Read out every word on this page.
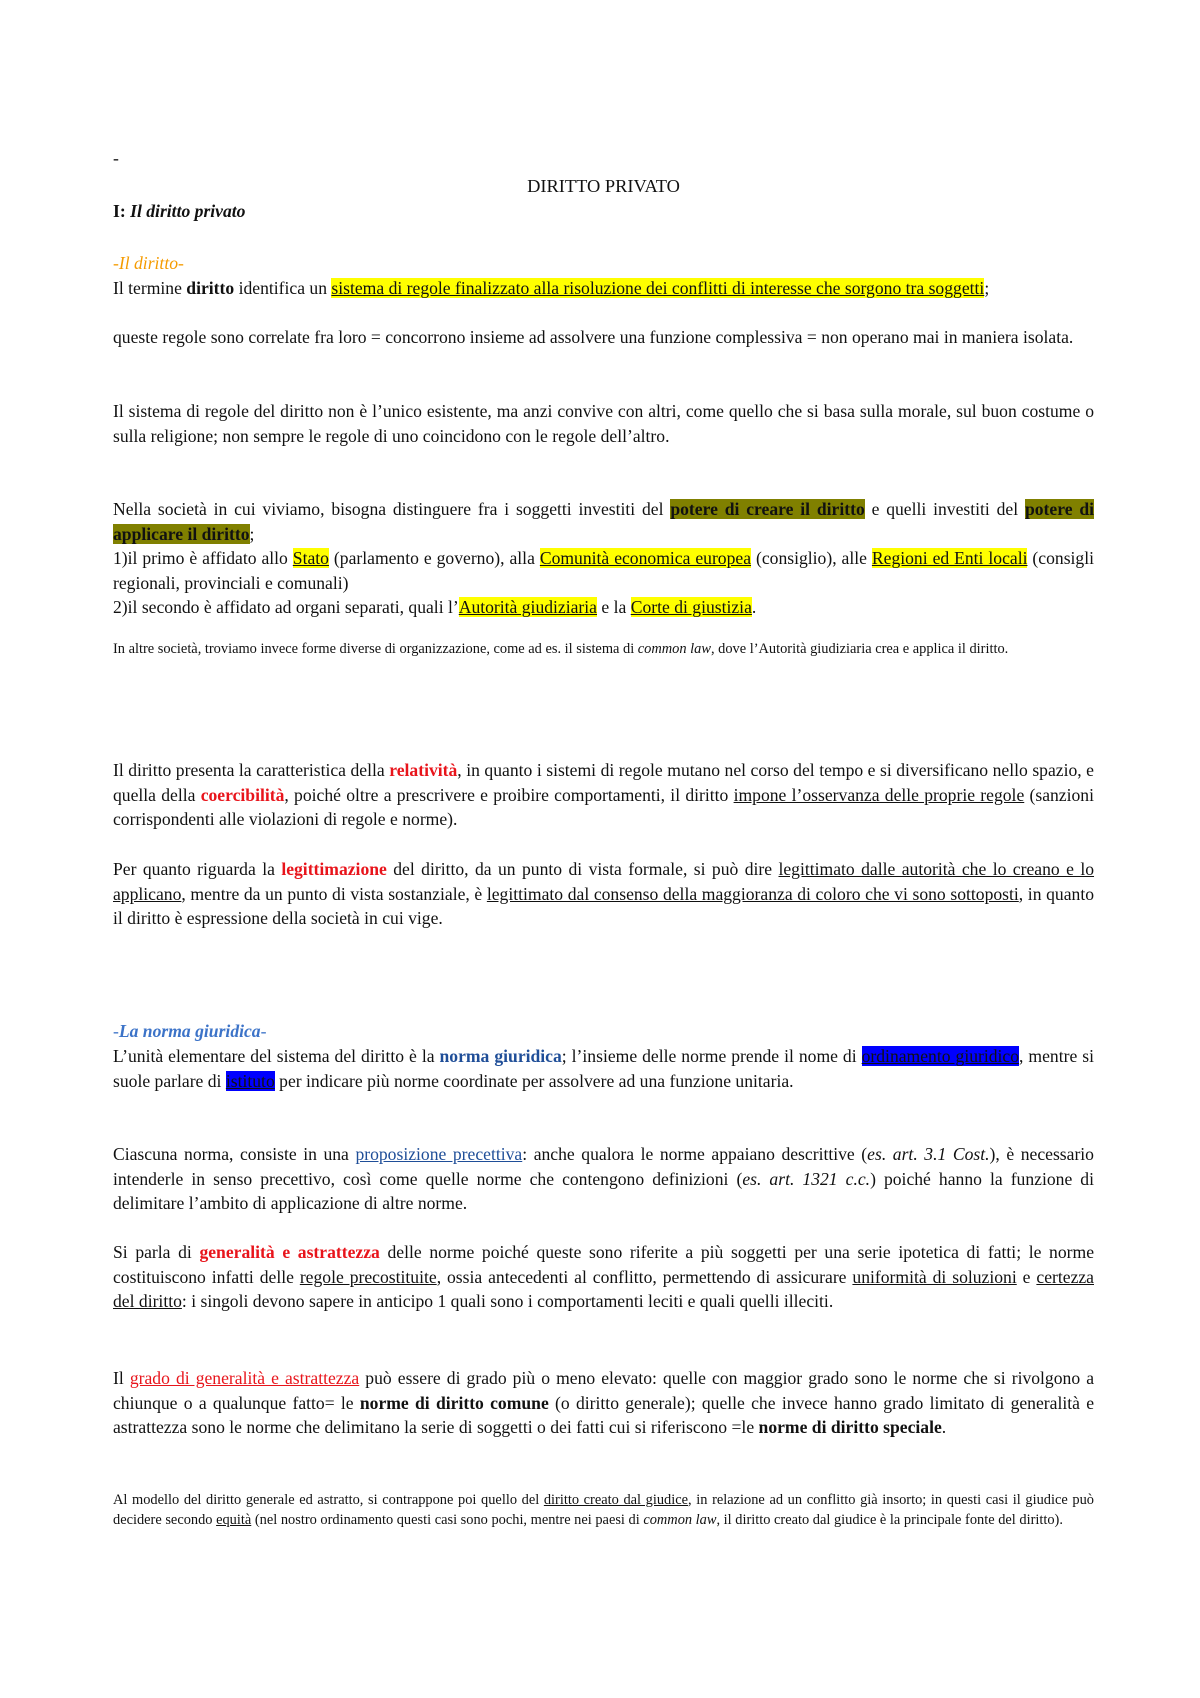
-
DIRITTO PRIVATO
I: Il diritto privato
-Il diritto-
Il termine diritto identifica un sistema di regole finalizzato alla risoluzione dei conflitti di interesse che sorgono tra soggetti;
queste regole sono correlate fra loro = concorrono insieme ad assolvere una funzione complessiva = non operano mai in maniera isolata.
Il sistema di regole del diritto non è l’unico esistente, ma anzi convive con altri, come quello che si basa sulla morale, sul buon costume o sulla religione; non sempre le regole di uno coincidono con le regole dell’altro.
Nella società in cui viviamo, bisogna distinguere fra i soggetti investiti del potere di creare il diritto e quelli investiti del potere di applicare il diritto;
1)il primo è affidato allo Stato (parlamento e governo), alla Comunità economica europea (consiglio), alle Regioni ed Enti locali (consigli regionali, provinciali e comunali)
2)il secondo è affidato ad organi separati, quali l’Autorità giudiziaria e la Corte di giustizia.
In altre società, troviamo invece forme diverse di organizzazione, come ad es. il sistema di common law, dove l’Autorità giudiziaria crea e applica il diritto.
Il diritto presenta la caratteristica della relatività, in quanto i sistemi di regole mutano nel corso del tempo e si diversificano nello spazio, e quella della coercibilità, poiché oltre a prescrivere e proibire comportamenti, il diritto impone l’osservanza delle proprie regole (sanzioni corrispondenti alle violazioni di regole e norme).
Per quanto riguarda la legittimazione del diritto, da un punto di vista formale, si può dire legittimato dalle autorità che lo creano e lo applicano, mentre da un punto di vista sostanziale, è legittimato dal consenso della maggioranza di coloro che vi sono sottoposti, in quanto il diritto è espressione della società in cui vige.
-La norma giuridica-
L’unità elementare del sistema del diritto è la norma giuridica; l’insieme delle norme prende il nome di ordinamento giuridico, mentre si suole parlare di istituto per indicare più norme coordinate per assolvere ad una funzione unitaria.
Ciascuna norma, consiste in una proposizione precettiva: anche qualora le norme appaiano descrittive (es. art. 3.1 Cost.), è necessario intenderle in senso precettivo, così come quelle norme che contengono definizioni (es. art. 1321 c.c.) poiché hanno la funzione di delimitare l’ambito di applicazione di altre norme.
Si parla di generalità e astrattezza delle norme poiché queste sono riferite a più soggetti per una serie ipotetica di fatti; le norme costituiscono infatti delle regole precostituite, ossia antecedenti al conflitto, permettendo di assicurare uniformità di soluzioni e certezza del diritto: i singoli devono sapere in anticipo 1 quali sono i comportamenti leciti e quali quelli illeciti.
Il grado di generalità e astrattezza può essere di grado più o meno elevato: quelle con maggior grado sono le norme che si rivolgono a chiunque o a qualunque fatto= le norme di diritto comune (o diritto generale); quelle che invece hanno grado limitato di generalità e astrattezza sono le norme che delimitano la serie di soggetti o dei fatti cui si riferiscono =le norme di diritto speciale.
Al modello del diritto generale ed astratto, si contrappone poi quello del diritto creato dal giudice, in relazione ad un conflitto già insorto; in questi casi il giudice può decidere secondo equità (nel nostro ordinamento questi casi sono pochi, mentre nei paesi di common law, il diritto creato dal giudice è la principale fonte del diritto).
